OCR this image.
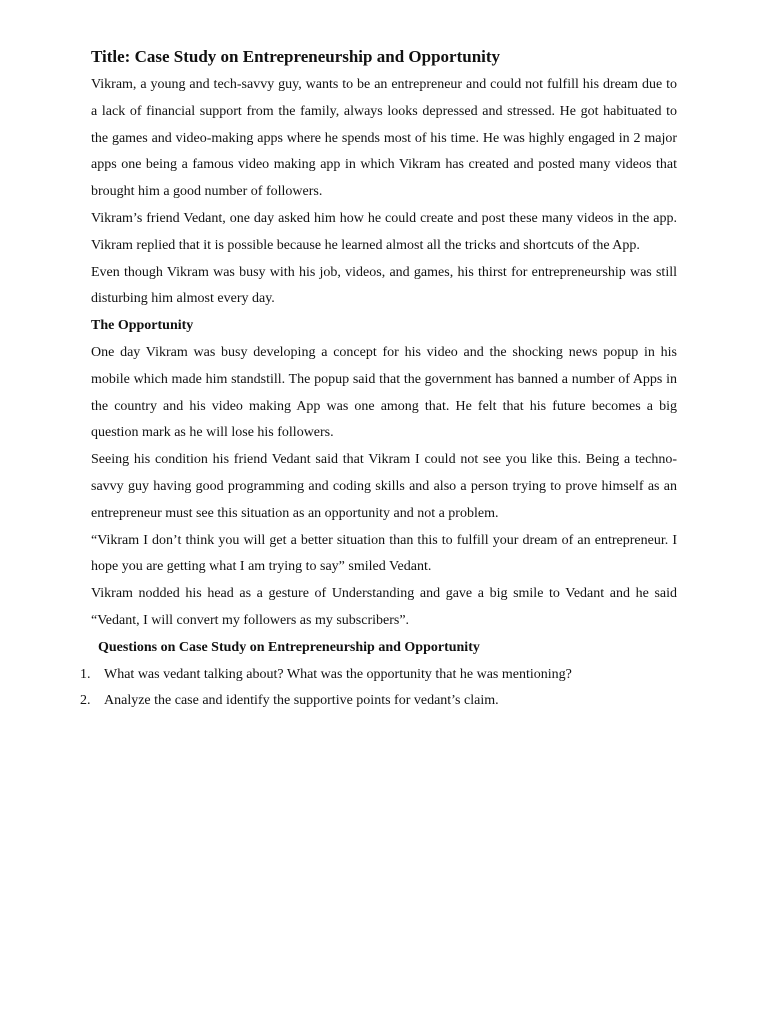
Title: Case Study on Entrepreneurship and Opportunity

Vikram, a young and tech-savvy guy, wants to be an entrepreneur and could not fulfill his dream due to a lack of financial support from the family, always looks depressed and stressed. He got habituated to the games and video-making apps where he spends most of his time. He was highly engaged in 2 major apps one being a famous video making app in which Vikram has created and posted many videos that brought him a good number of followers.

Vikram’s friend Vedant, one day asked him how he could create and post these many videos in the app. Vikram replied that it is possible because he learned almost all the tricks and shortcuts of the App.

Even though Vikram was busy with his job, videos, and games, his thirst for entrepreneurship was still disturbing him almost every day.

The Opportunity

One day Vikram was busy developing a concept for his video and the shocking news popup in his mobile which made him standstill. The popup said that the government has banned a number of Apps in the country and his video making App was one among that. He felt that his future becomes a big question mark as he will lose his followers.

Seeing his condition his friend Vedant said that Vikram I could not see you like this. Being a techno-savvy guy having good programming and coding skills and also a person trying to prove himself as an entrepreneur must see this situation as an opportunity and not a problem.

“Vikram I don’t think you will get a better situation than this to fulfill your dream of an entrepreneur. I hope you are getting what I am trying to say” smiled Vedant.

Vikram nodded his head as a gesture of Understanding and gave a big smile to Vedant and he said “Vedant, I will convert my followers as my subscribers”.

Questions on Case Study on Entrepreneurship and Opportunity

1. What was vedant talking about? What was the opportunity that he was mentioning?
2. Analyze the case and identify the supportive points for vedant’s claim.
